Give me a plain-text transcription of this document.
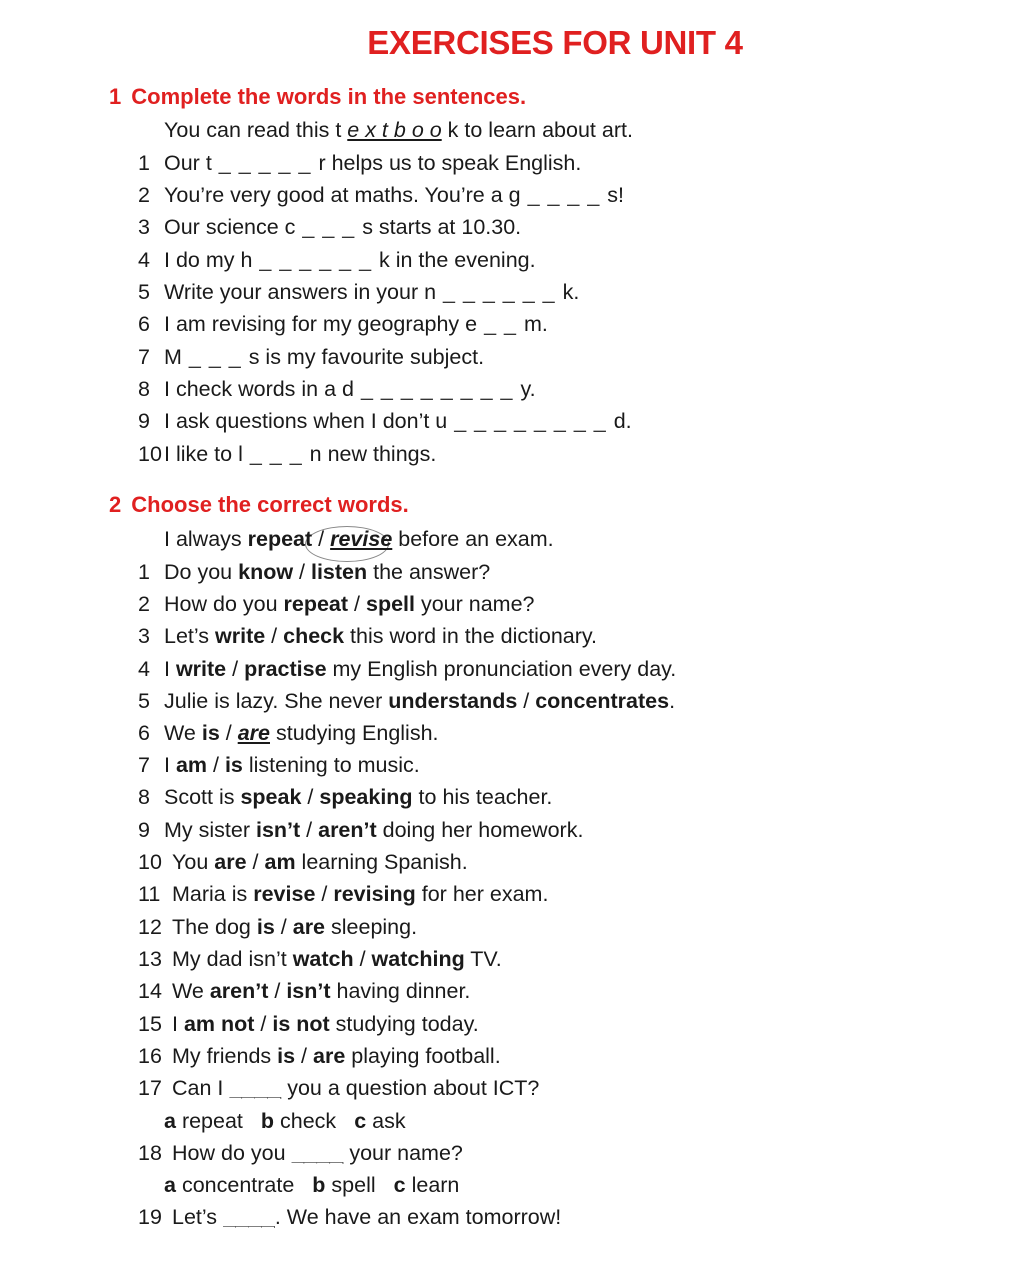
EXERCISES FOR UNIT 4
1 Complete the words in the sentences.
You can read this t e x t b o o k to learn about art.
1 Our t _ _ _ _ _ r helps us to speak English.
2 You’re very good at maths. You’re a g _ _ _ _ s!
3 Our science c _ _ _ s starts at 10.30.
4 I do my h _ _ _ _ _ _ k in the evening.
5 Write your answers in your n _ _ _ _ _ _ k.
6 I am revising for my geography e _ _ m.
7 M _ _ _ s is my favourite subject.
8 I check words in a d _ _ _ _ _ _ _ _ y.
9 I ask questions when I don’t u _ _ _ _ _ _ _ _ d.
10I like to l _ _ _ n new things.
2 Choose the correct words.
I always repeat / revise before an exam.
1 Do you know / listen the answer?
2 How do you repeat / spell your name?
3 Let’s write / check this word in the dictionary.
4 I write / practise my English pronunciation every day.
5 Julie is lazy. She never understands / concentrates.
6 We is / are studying English.
7 I am / is listening to music.
8 Scott is speak / speaking to his teacher.
9 My sister isn’t / aren’t doing her homework.
10 You are / am learning Spanish.
11 Maria is revise / revising for her exam.
12 The dog is / are sleeping.
13 My dad isn’t watch / watching TV.
14 We aren’t / isn’t having dinner.
15 I am not / is not studying today.
16 My friends is / are playing football.
17 Can I ____ you a question about ICT?
a repeat b check c ask
18 How do you ____ your name?
a concentrate b spell c learn
19 Let’s ____. We have an exam tomorrow!
